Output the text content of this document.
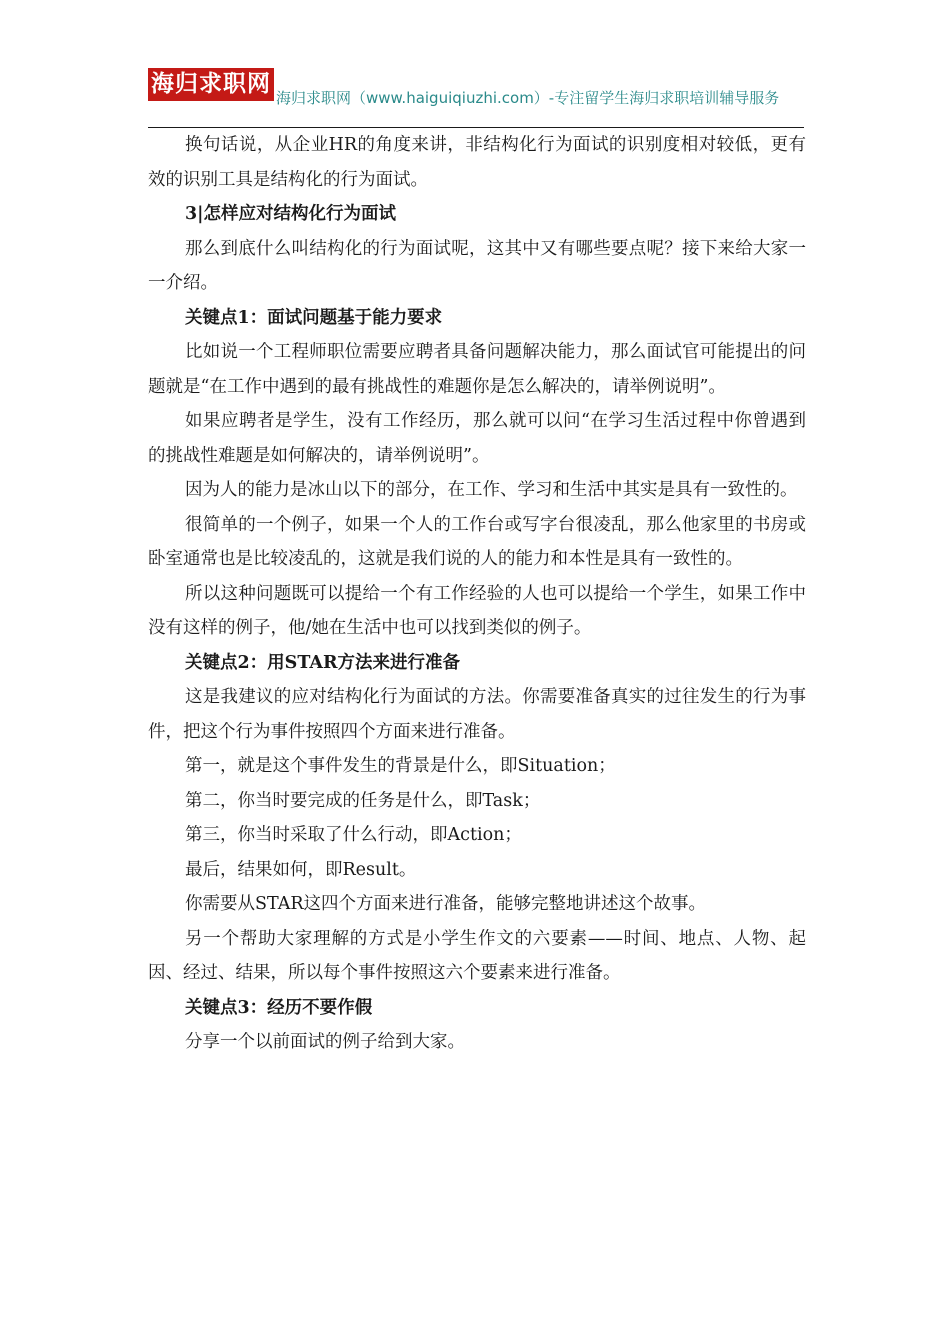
海归求职网
海归求职网（www.haiguiqiuzhi.com）-专注留学生海归求职培训辅导服务

换句话说，从企业HR的角度来讲，非结构化行为面试的识别度相对较低，更有效的识别工具是结构化的行为面试。

3|怎样应对结构化行为面试

那么到底什么叫结构化的行为面试呢，这其中又有哪些要点呢？接下来给大家一一介绍。

关键点1：面试问题基于能力要求

比如说一个工程师职位需要应聘者具备问题解决能力，那么面试官可能提出的问题就是“在工作中遇到的最有挑战性的难题你是怎么解决的，请举例说明”。

如果应聘者是学生，没有工作经历，那么就可以问“在学习生活过程中你曾遇到的挑战性难题是如何解决的，请举例说明”。

因为人的能力是冰山以下的部分，在工作、学习和生活中其实是具有一致性的。

很简单的一个例子，如果一个人的工作台或写字台很凌乱，那么他家里的书房或卧室通常也是比较凌乱的，这就是我们说的人的能力和本性是具有一致性的。

所以这种问题既可以提给一个有工作经验的人也可以提给一个学生，如果工作中没有这样的例子，他/她在生活中也可以找到类似的例子。

关键点2：用STAR方法来进行准备

这是我建议的应对结构化行为面试的方法。你需要准备真实的过往发生的行为事件，把这个行为事件按照四个方面来进行准备。

第一，就是这个事件发生的背景是什么，即Situation；

第二，你当时要完成的任务是什么，即Task；

第三，你当时采取了什么行动，即Action；

最后，结果如何，即Result。

你需要从STAR这四个方面来进行准备，能够完整地讲述这个故事。

另一个帮助大家理解的方式是小学生作文的六要素——时间、地点、人物、起因、经过、结果，所以每个事件按照这六个要素来进行准备。

关键点3：经历不要作假

分享一个以前面试的例子给到大家。
